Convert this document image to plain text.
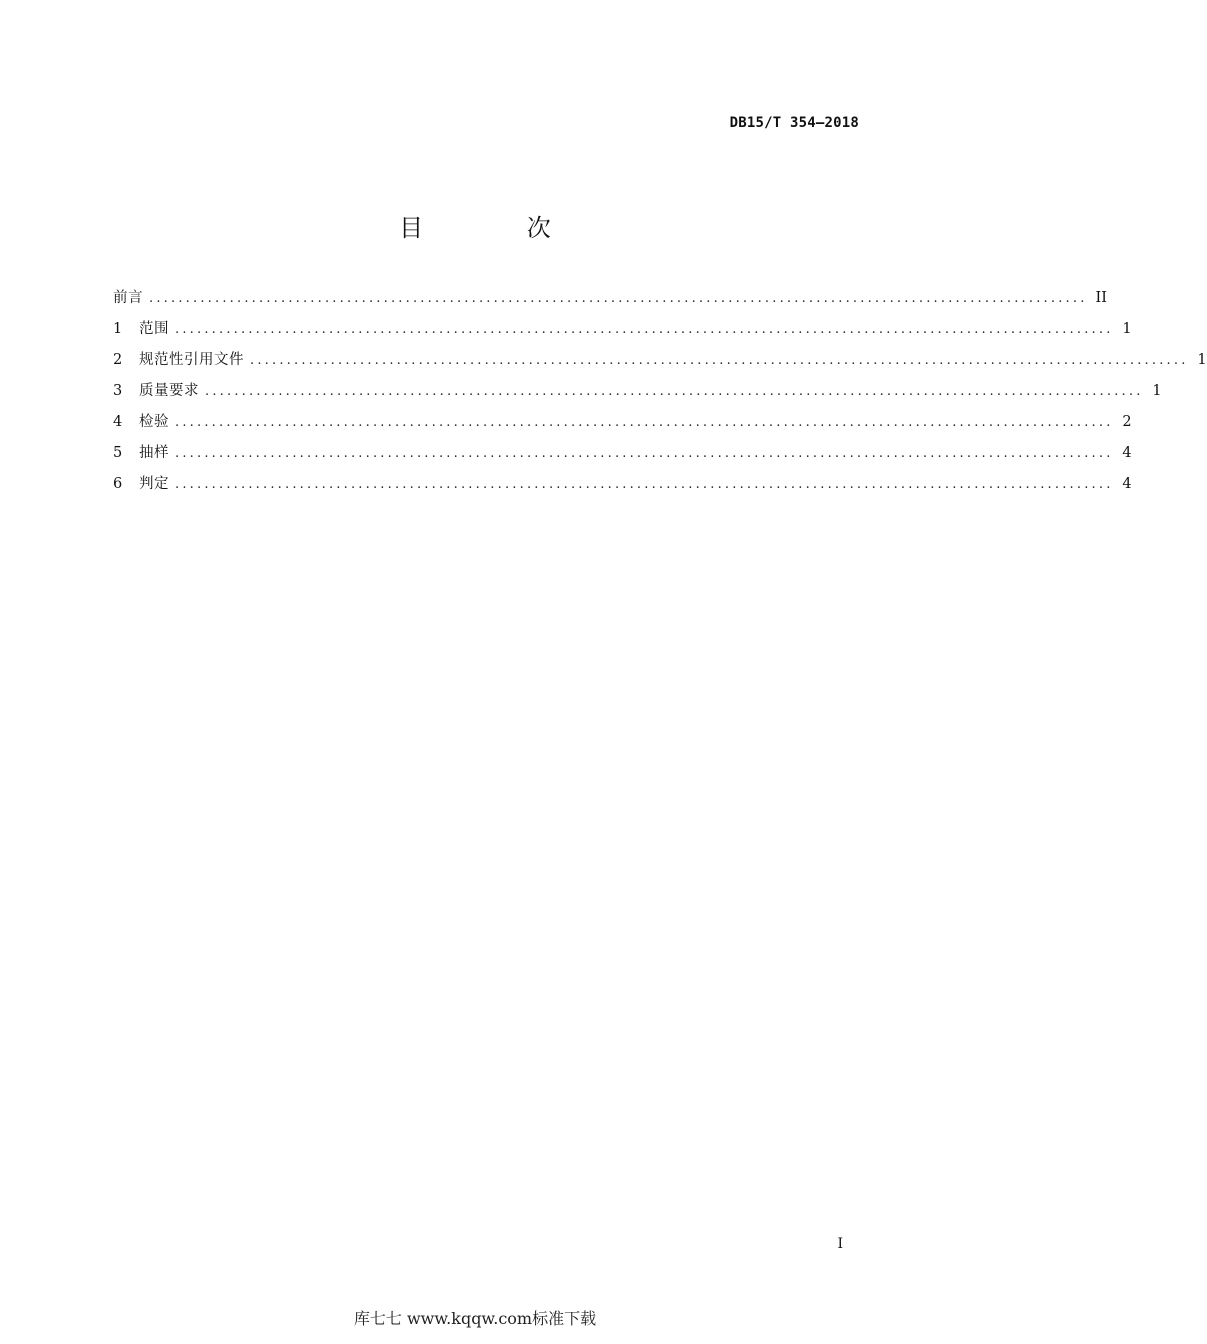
DB15/T 354—2018
目 次
前言 ................................................................................................................................ II
1	范围 ................................................................................................................................ 1
2	规范性引用文件 ................................................................................................................................ 1
3	质量要求 ................................................................................................................................ 1
4	检验 ................................................................................................................................ 2
5	抽样 ................................................................................................................................ 4
6	判定 ................................................................................................................................ 4
I
库七七 www.kqqw.com标准下载
